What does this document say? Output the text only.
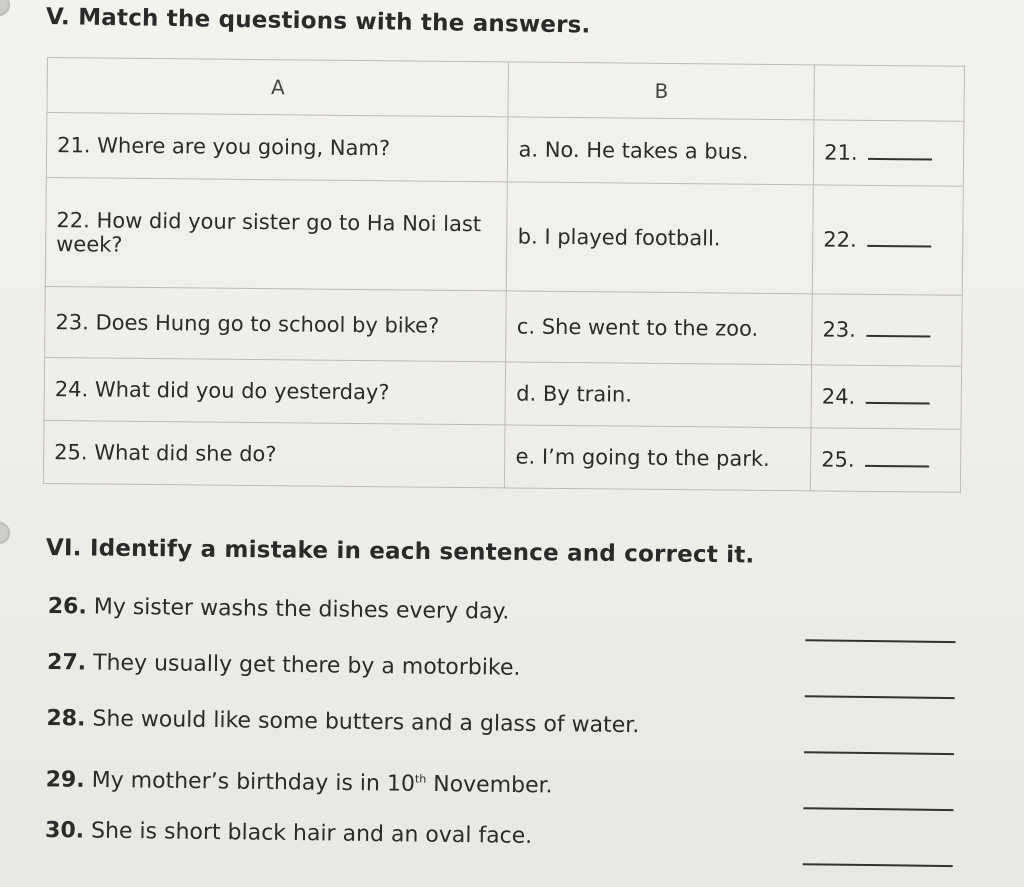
V. Match the questions with the answers.
A	B	
21. Where are you going, Nam?	a. No. He takes a bus.	21.
22. How did your sister go to Ha Noi last week?	b. I played football.	22.
23. Does Hung go to school by bike?	c. She went to the zoo.	23.
24. What did you do yesterday?	d. By train.	24.
25. What did she do?	e. I’m going to the park.	25.
VI. Identify a mistake in each sentence and correct it.
26. My sister washs the dishes every day.
27. They usually get there by a motorbike.
28. She would like some butters and a glass of water.
29. My mother’s birthday is in 10th November.
30. She is short black hair and an oval face.
